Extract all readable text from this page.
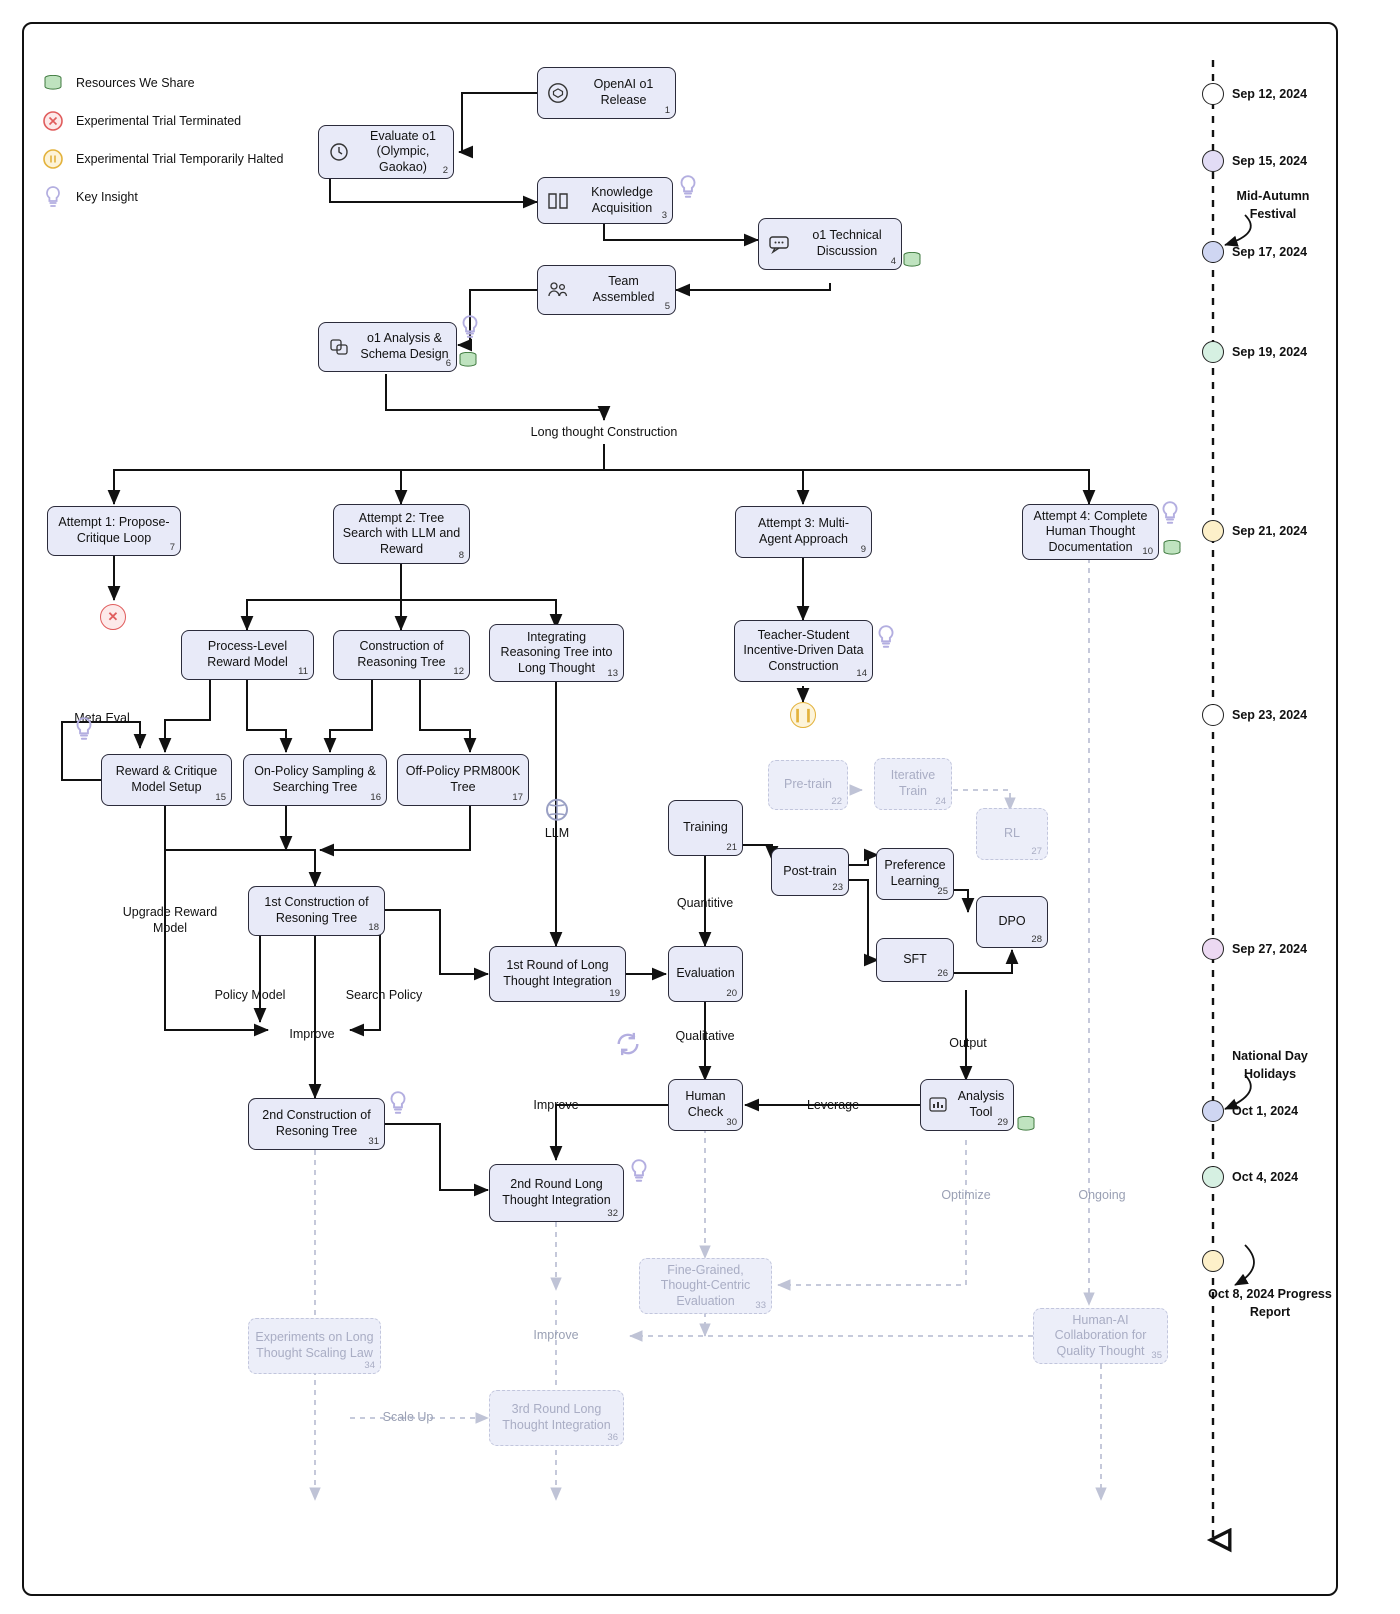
Resources We Share
Experimental Trial Terminated
Experimental Trial Temporarily Halted
Key Insight
Long thought Construction
Meta Eval
LLM
Upgrade Reward Model
Policy Model	Search Policy
Improve
Quantitive
Qualitative	Output
Leverage
Improve
Optimize	Ongoing
Improve
Scale Up
OpenAI o1 Release
1
Evaluate o1 (Olympic, Gaokao)	2
Knowledge Acquisition
3
o1 Technical Discussion
4
Team Assembled
5
o1 Analysis & Schema Design
6
Attempt 1: Propose-Critique Loop
7
Attempt 2: Tree Search with LLM and Reward	8
Attempt 3: Multi-Agent Approach
9
Attempt 4: Complete Human Thought Documentation	10
Process-Level Reward Model
11
Construction of Reasoning Tree
12
Integrating Reasoning Tree into Long Thought	13
Teacher-Student Incentive-Driven Data Construction
14
Reward & Critique Model Setup
15
On-Policy Sampling & Searching Tree
16
Off-Policy PRM800K Tree
17
1st Construction of Resoning Tree
18
1st Round of Long Thought Integration
19
Evaluation
20
Training
21
Pre-train
22
Post-train
23
Iterative Train
24
Preference Learning
25
SFT
26
RL
27
DPO
28
Analysis Tool
29
Human Check
30
2nd Construction of Resoning Tree
31
2nd Round Long Thought Integration
32
Fine-Grained, Thought-Centric Evaluation	33
Experiments on Long Thought Scaling Law
34
Human-AI Collaboration for Quality Thought 35
3rd Round Long Thought Integration
36
✕
❙❙
Sep 12, 2024
Sep 15, 2024
Mid-Autumn Festival
Sep 17, 2024
Sep 19, 2024
Sep 21, 2024
Sep 23, 2024
Sep 27, 2024
National Day Holidays
Oct 1, 2024
Oct 4, 2024
Oct 8, 2024 Progress Report
